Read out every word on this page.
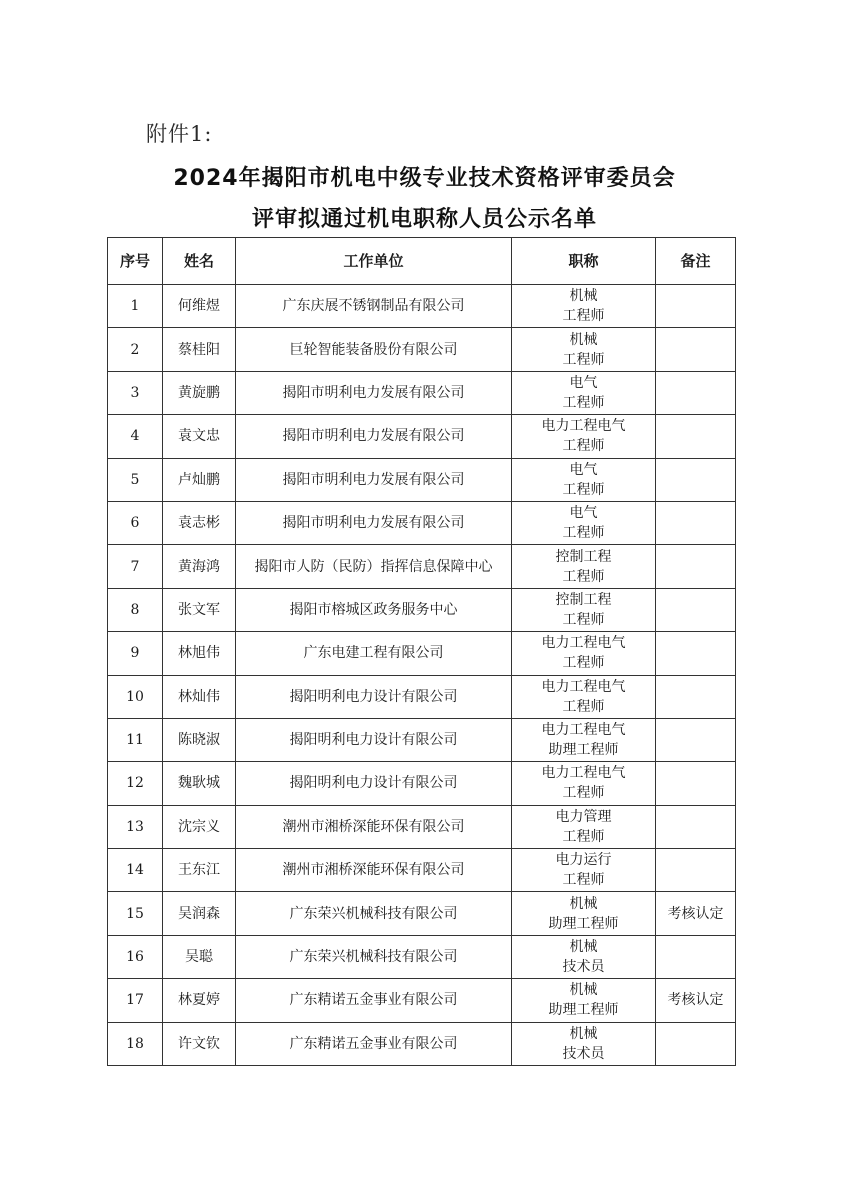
附件1:
2024年揭阳市机电中级专业技术资格评审委员会
评审拟通过机电职称人员公示名单
序号	姓名	工作单位	职称	备注
1	何维煜	广东庆展不锈钢制品有限公司	机械
工程师	

2	蔡桂阳	巨轮智能装备股份有限公司	机械
工程师	

3	黄旋鹏	揭阳市明利电力发展有限公司	电气
工程师	

4	袁文忠	揭阳市明利电力发展有限公司	电力工程电气
工程师	

5	卢灿鹏	揭阳市明利电力发展有限公司	电气
工程师	

6	袁志彬	揭阳市明利电力发展有限公司	电气
工程师	

7	黄海鸿	揭阳市人防（民防）指挥信息保障中心	控制工程
工程师	

8	张文军	揭阳市榕城区政务服务中心	控制工程
工程师	

9	林旭伟	广东电建工程有限公司	电力工程电气
工程师	

10	林灿伟	揭阳明利电力设计有限公司	电力工程电气
工程师	

11	陈晓淑	揭阳明利电力设计有限公司	电力工程电气
助理工程师	

12	魏耿城	揭阳明利电力设计有限公司	电力工程电气
工程师	

13	沈宗义	潮州市湘桥深能环保有限公司	电力管理
工程师	

14	王东江	潮州市湘桥深能环保有限公司	电力运行
工程师	

15	吴润森	广东荣兴机械科技有限公司	机械
助理工程师	考核认定
16	吴聪	广东荣兴机械科技有限公司	机械
技术员	

17	林夏婷	广东精诺五金事业有限公司	机械
助理工程师	考核认定
18	许文钦	广东精诺五金事业有限公司	机械
技术员	
